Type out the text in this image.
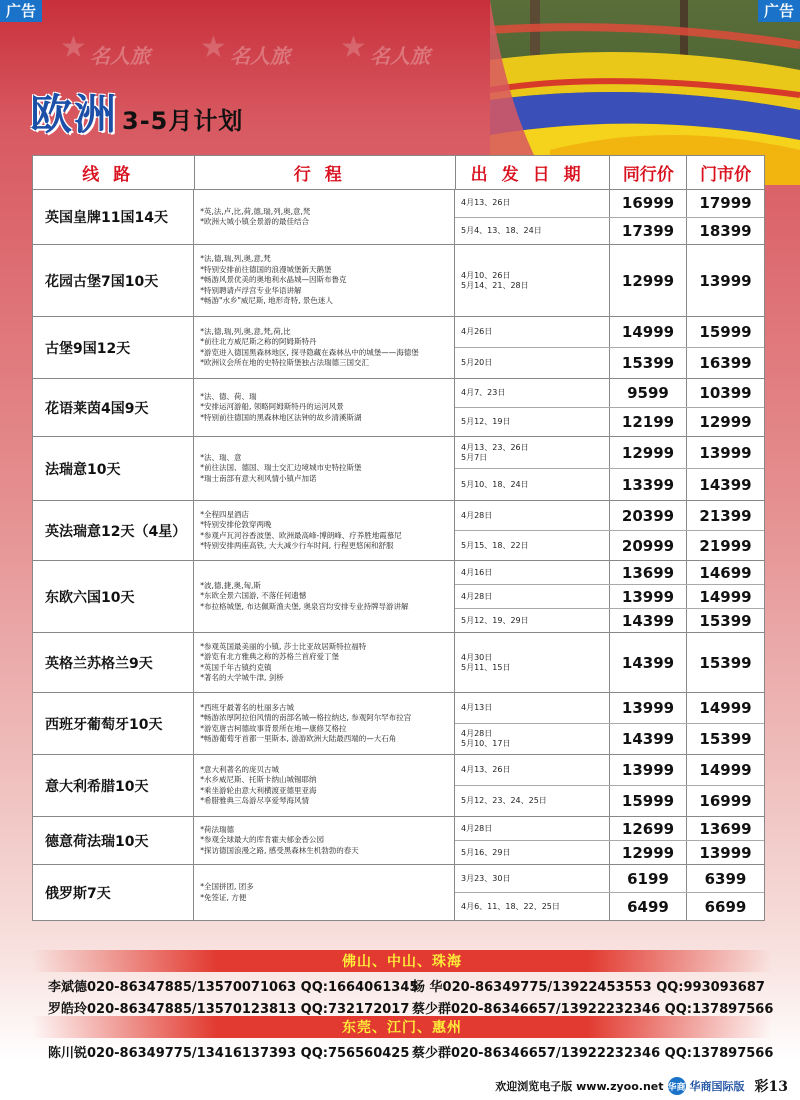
广告	广告
★ 名人旅 ★ 名人旅 ★ 名人旅
欧洲 3-5月计划
线路	行程	出发日期	同行价	门市价
英国皇牌11国14天	*英,法,卢,比,荷,德,瑞,列,奥,意,梵
*欧洲大城小镇全景游的最佳结合
4月13、26日	16999	17999
5月4、13、18、24日	17399	18399
花园古堡7国10天
*法,德,瑞,列,奥,意,梵
*特别安排前往德国的浪漫城堡新天鹅堡
*畅游风景优美的奥地利水晶城—因斯布鲁克
*特别聘请卢浮宫专业华语讲解
*畅游"水乡"威尼斯, 地形奇特, 景色迷人
4月10、26日
5月14、21、28日	12999	13999
古堡9国12天
*法,德,瑞,列,奥,意,梵,荷,比
*前往北方威尼斯之称的阿姆斯特丹
*游览进入德国黑森林地区, 探寻隐藏在森林丛中的城堡——海德堡
*欧洲议会所在地的史特拉斯堡独占法瑞德三国交汇
4月26日	14999	15999
5月20日	15399	16399
花语莱茵4国9天
*法、德、荷、瑞
*安排运河游船, 领略阿姆斯特丹的运河风景
*特别前往德国的黑森林地区法钟的故乡清溪斯湖
4月7、23日	9599	10399
5月12、19日	12199	12999
法瑞意10天
*法、瑞、意
*前往法国、德国、瑞士交汇边境城市史特拉斯堡
*瑞士南部有意大利风情小镇卢加诺
4月13、23、26日
5月7日	12999	13999
5月10、18、24日	13399	14399
英法瑞意12天（4星）
*全程四星酒店
*特别安排伦敦穿两晚
*参观卢瓦河谷香波堡、欧洲最高峰-博朗峰、疗养胜地霞慕尼
*特别安排两座高铁, 大大减少行车时间, 行程更悠闲和舒服
4月28日	20399	21399
5月15、18、22日	20999	21999
东欧六国10天
*波,德,捷,奥,匈,斯
*东欧全景六国游, 不落任何遗憾
*布拉格城堡, 布达佩斯渔夫堡, 奥泉宫均安排专业持牌导游讲解
4月16日	13699	14699
4月28日	13999	14999
5月12、19、29日	14399	15399
英格兰苏格兰9天
*参观英国最美丽的小镇, 莎士比亚故居斯特拉福特
*游览有北方雅典之称的苏格兰首府爱丁堡
*英国千年古镇约克镇
*著名的大学城牛津, 剑桥
4月30日
5月11、15日	14399	15399
西班牙葡萄牙10天
*西班牙最著名的杜丽多古城
*畅游浓厚阿拉伯风情的南部名城—格拉纳达, 参观阿尔罕布拉宫
*游览唐吉柯德故事背景所在地—康修艾格拉
*畅游葡萄牙首都一里斯本, 游游欧洲大陆最西端的—大石角
4月13日	13999	14999
4月28日
5月10、17日	14399	15399
意大利希腊10天
*意大利著名的庞贝古城
*水乡威尼斯、托斯卡纳山城锡耶纳
*乘坐游轮由意大利横渡亚德里亚海
*希腊雅典三岛游尽享爱琴海风情
4月13、26日	13999	14999
5月12、23、24、25日	15999	16999
德意荷法瑞10天
*荷法瑞德
*参观全球最大的库肯霍夫郁金香公园
*探访德国浪漫之路, 感受黑森林生机勃勃的春天
4月28日	12699	13699
5月16、29日	12999	13999
俄罗斯7天	*全国拼团, 团多
*免签证, 方便
3月23、30日	6199	6399
4月6、11、18、22、25日	6499	6699
佛山、中山、珠海
李斌德020-86347885/13570071063 QQ:1664061345
杨 华020-86349775/13922453553 QQ:993093687
罗皓玲020-86347885/13570123813 QQ:732172017 蔡少群020-86346657/13922232346 QQ:137897566
东莞、江门、惠州
陈川锐020-86349775/13416137393 QQ:756560425 蔡少群020-86346657/13922232346 QQ:137897566
欢迎浏览电子版 www.zyoo.net 华商 华商国际版 彩13
